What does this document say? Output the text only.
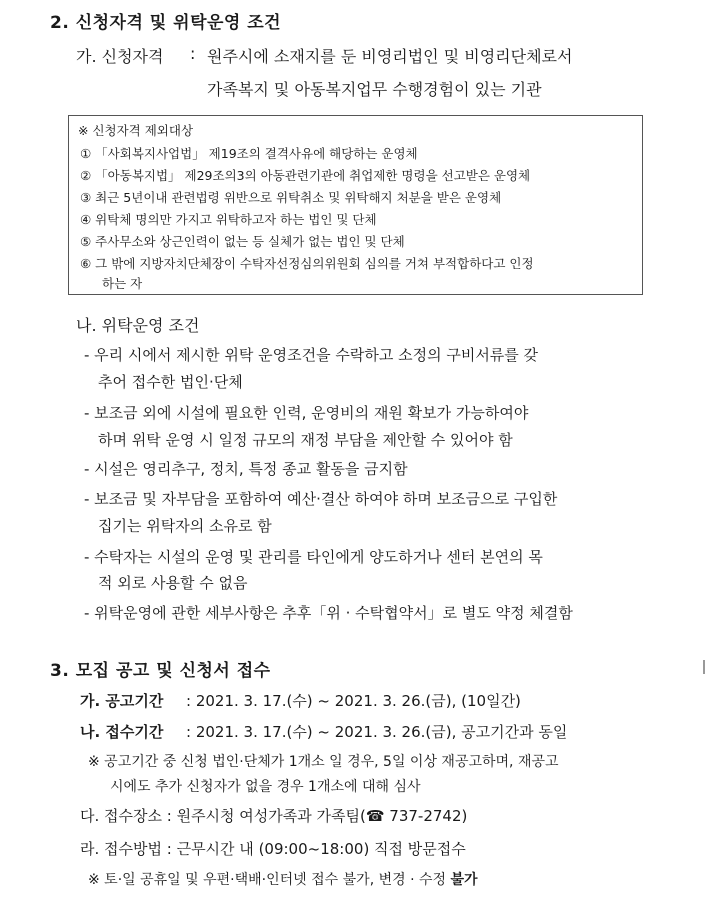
2. 신청자격 및 위탁운영 조건
가. 신청자격 : 원주시에 소재지를 둔 비영리법인 및 비영리단체로서
가족복지 및 아동복지업무 수행경험이 있는 기관
※ 신청자격 제외대상
① 「사회복지사업법」 제19조의 결격사유에 해당하는 운영체
② 「아동복지법」 제29조의3의 아동관련기관에 취업제한 명령을 선고받은 운영체
③ 최근 5년이내 관련법령 위반으로 위탁취소 및 위탁해지 처분을 받은 운영체
④ 위탁체 명의만 가지고 위탁하고자 하는 법인 및 단체
⑤ 주사무소와 상근인력이 없는 등 실체가 없는 법인 및 단체
⑥ 그 밖에 지방자치단체장이 수탁자선정심의위원회 심의를 거쳐 부적합하다고 인정
하는 자
나. 위탁운영 조건
- 우리 시에서 제시한 위탁 운영조건을 수락하고 소정의 구비서류를 갖
추어 접수한 법인·단체
- 보조금 외에 시설에 필요한 인력, 운영비의 재원 확보가 가능하여야
하며 위탁 운영 시 일정 규모의 재정 부담을 제안할 수 있어야 함
- 시설은 영리추구, 정치, 특정 종교 활동을 금지함
- 보조금 및 자부담을 포함하여 예산·결산 하여야 하며 보조금으로 구입한
집기는 위탁자의 소유로 함
- 수탁자는 시설의 운영 및 관리를 타인에게 양도하거나 센터 본연의 목
적 외로 사용할 수 없음
- 위탁운영에 관한 세부사항은 추후「위 · 수탁협약서」로 별도 약정 체결함
3. 모집 공고 및 신청서 접수
가. 공고기간 : 2021. 3. 17.(수) ~ 2021. 3. 26.(금), (10일간)
나. 접수기간 : 2021. 3. 17.(수) ~ 2021. 3. 26.(금), 공고기간과 동일
※ 공고기간 중 신청 법인·단체가 1개소 일 경우, 5일 이상 재공고하며, 재공고
시에도 추가 신청자가 없을 경우 1개소에 대해 심사
다. 접수장소 : 원주시청 여성가족과 가족팀(☎ 737-2742)
라. 접수방법 : 근무시간 내 (09:00~18:00) 직접 방문접수
※ 토·일 공휴일 및 우편·택배·인터넷 접수 불가, 변경 · 수정 불가
